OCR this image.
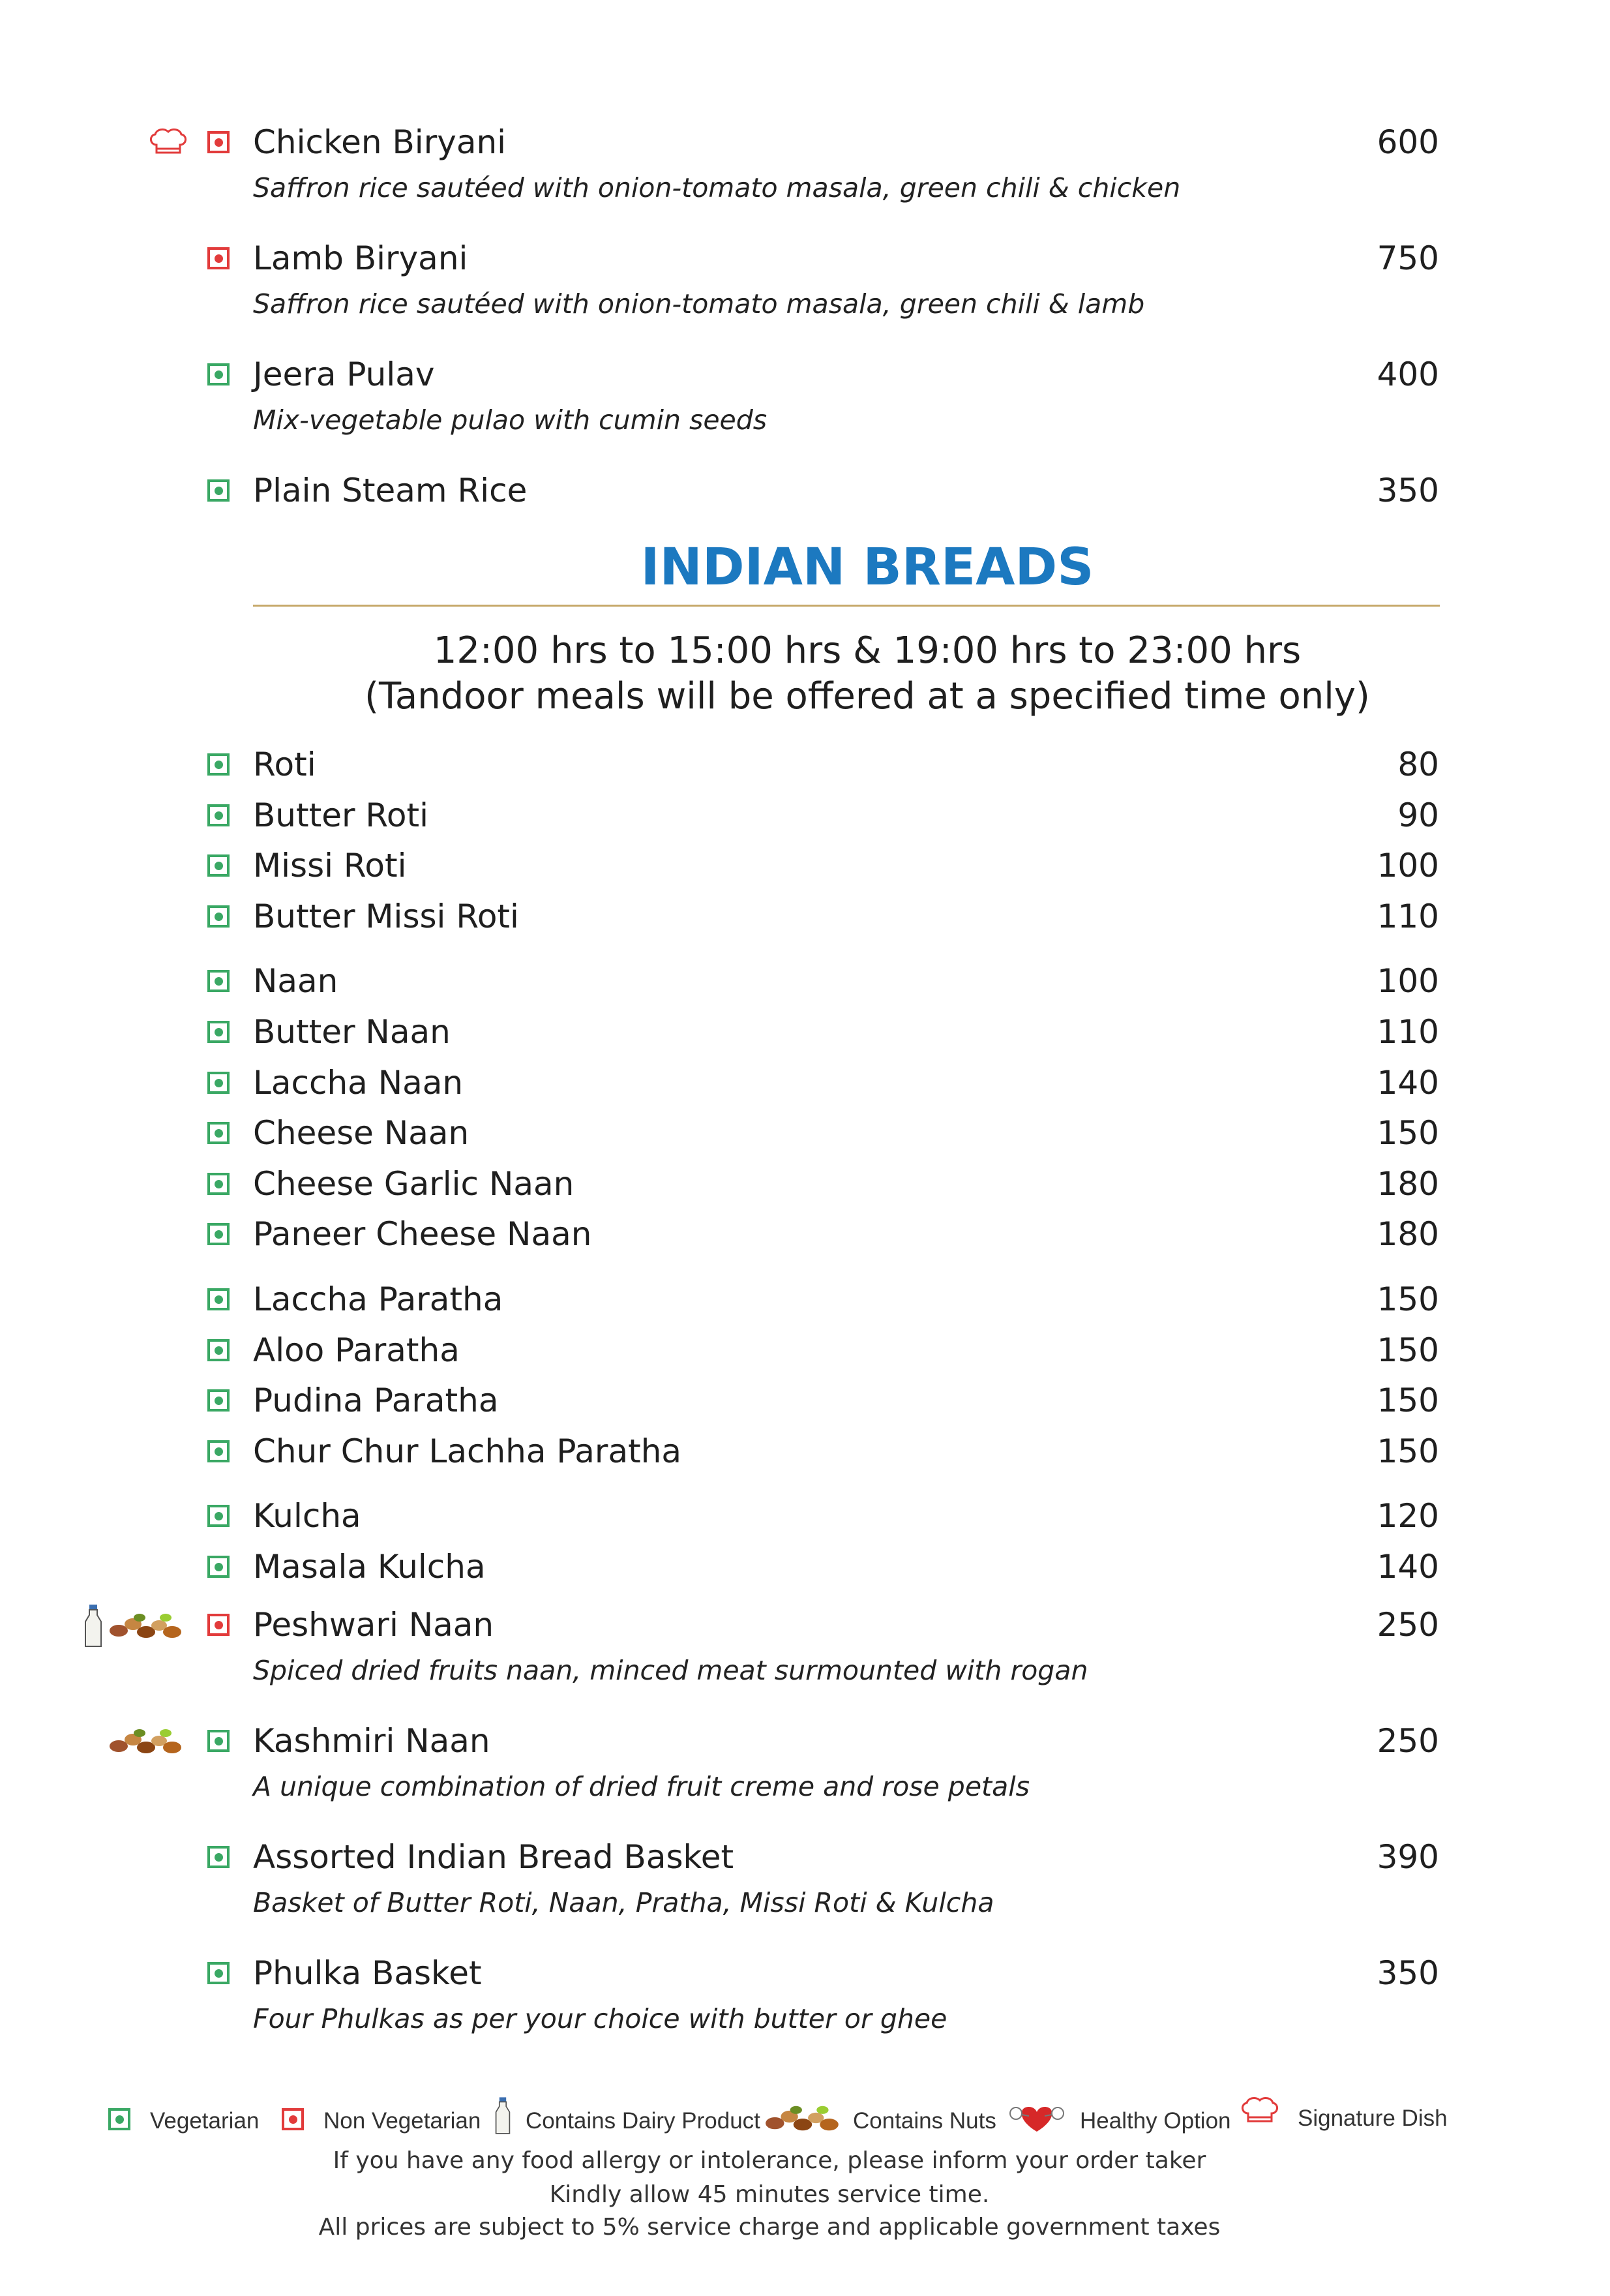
Chicken Biryani	600
Saffron rice sautéed with onion-tomato masala, green chili & chicken
Lamb Biryani	750
Saffron rice sautéed with onion-tomato masala, green chili & lamb
Jeera Pulav	400
Mix-vegetable pulao with cumin seeds
Plain Steam Rice	350
INDIAN BREADS
12:00 hrs to 15:00 hrs & 19:00 hrs to 23:00 hrs
(Tandoor meals will be offered at a specified time only)
Roti	80
Butter Roti	90
Missi Roti	100
Butter Missi Roti	110
Naan	100
Butter Naan	110
Laccha Naan	140
Cheese Naan	150
Cheese Garlic Naan	180
Paneer Cheese Naan	180
Laccha Paratha	150
Aloo Paratha	150
Pudina Paratha	150
Chur Chur Lachha Paratha	150
Kulcha	120
Masala Kulcha	140
Peshwari Naan	250
Spiced dried fruits naan, minced meat surmounted with rogan
Kashmiri Naan	250
A unique combination of dried fruit creme and rose petals
Assorted Indian Bread Basket	390
Basket of Butter Roti, Naan, Pratha, Missi Roti & Kulcha
Phulka Basket	350
Four Phulkas as per your choice with butter or ghee
Vegetarian	Non Vegetarian Contains Dairy Product	Contains Nuts	Healthy Option	Signature Dish
If you have any food allergy or intolerance, please inform your order taker
Kindly allow 45 minutes service time.
All prices are subject to 5% service charge and applicable government taxes
